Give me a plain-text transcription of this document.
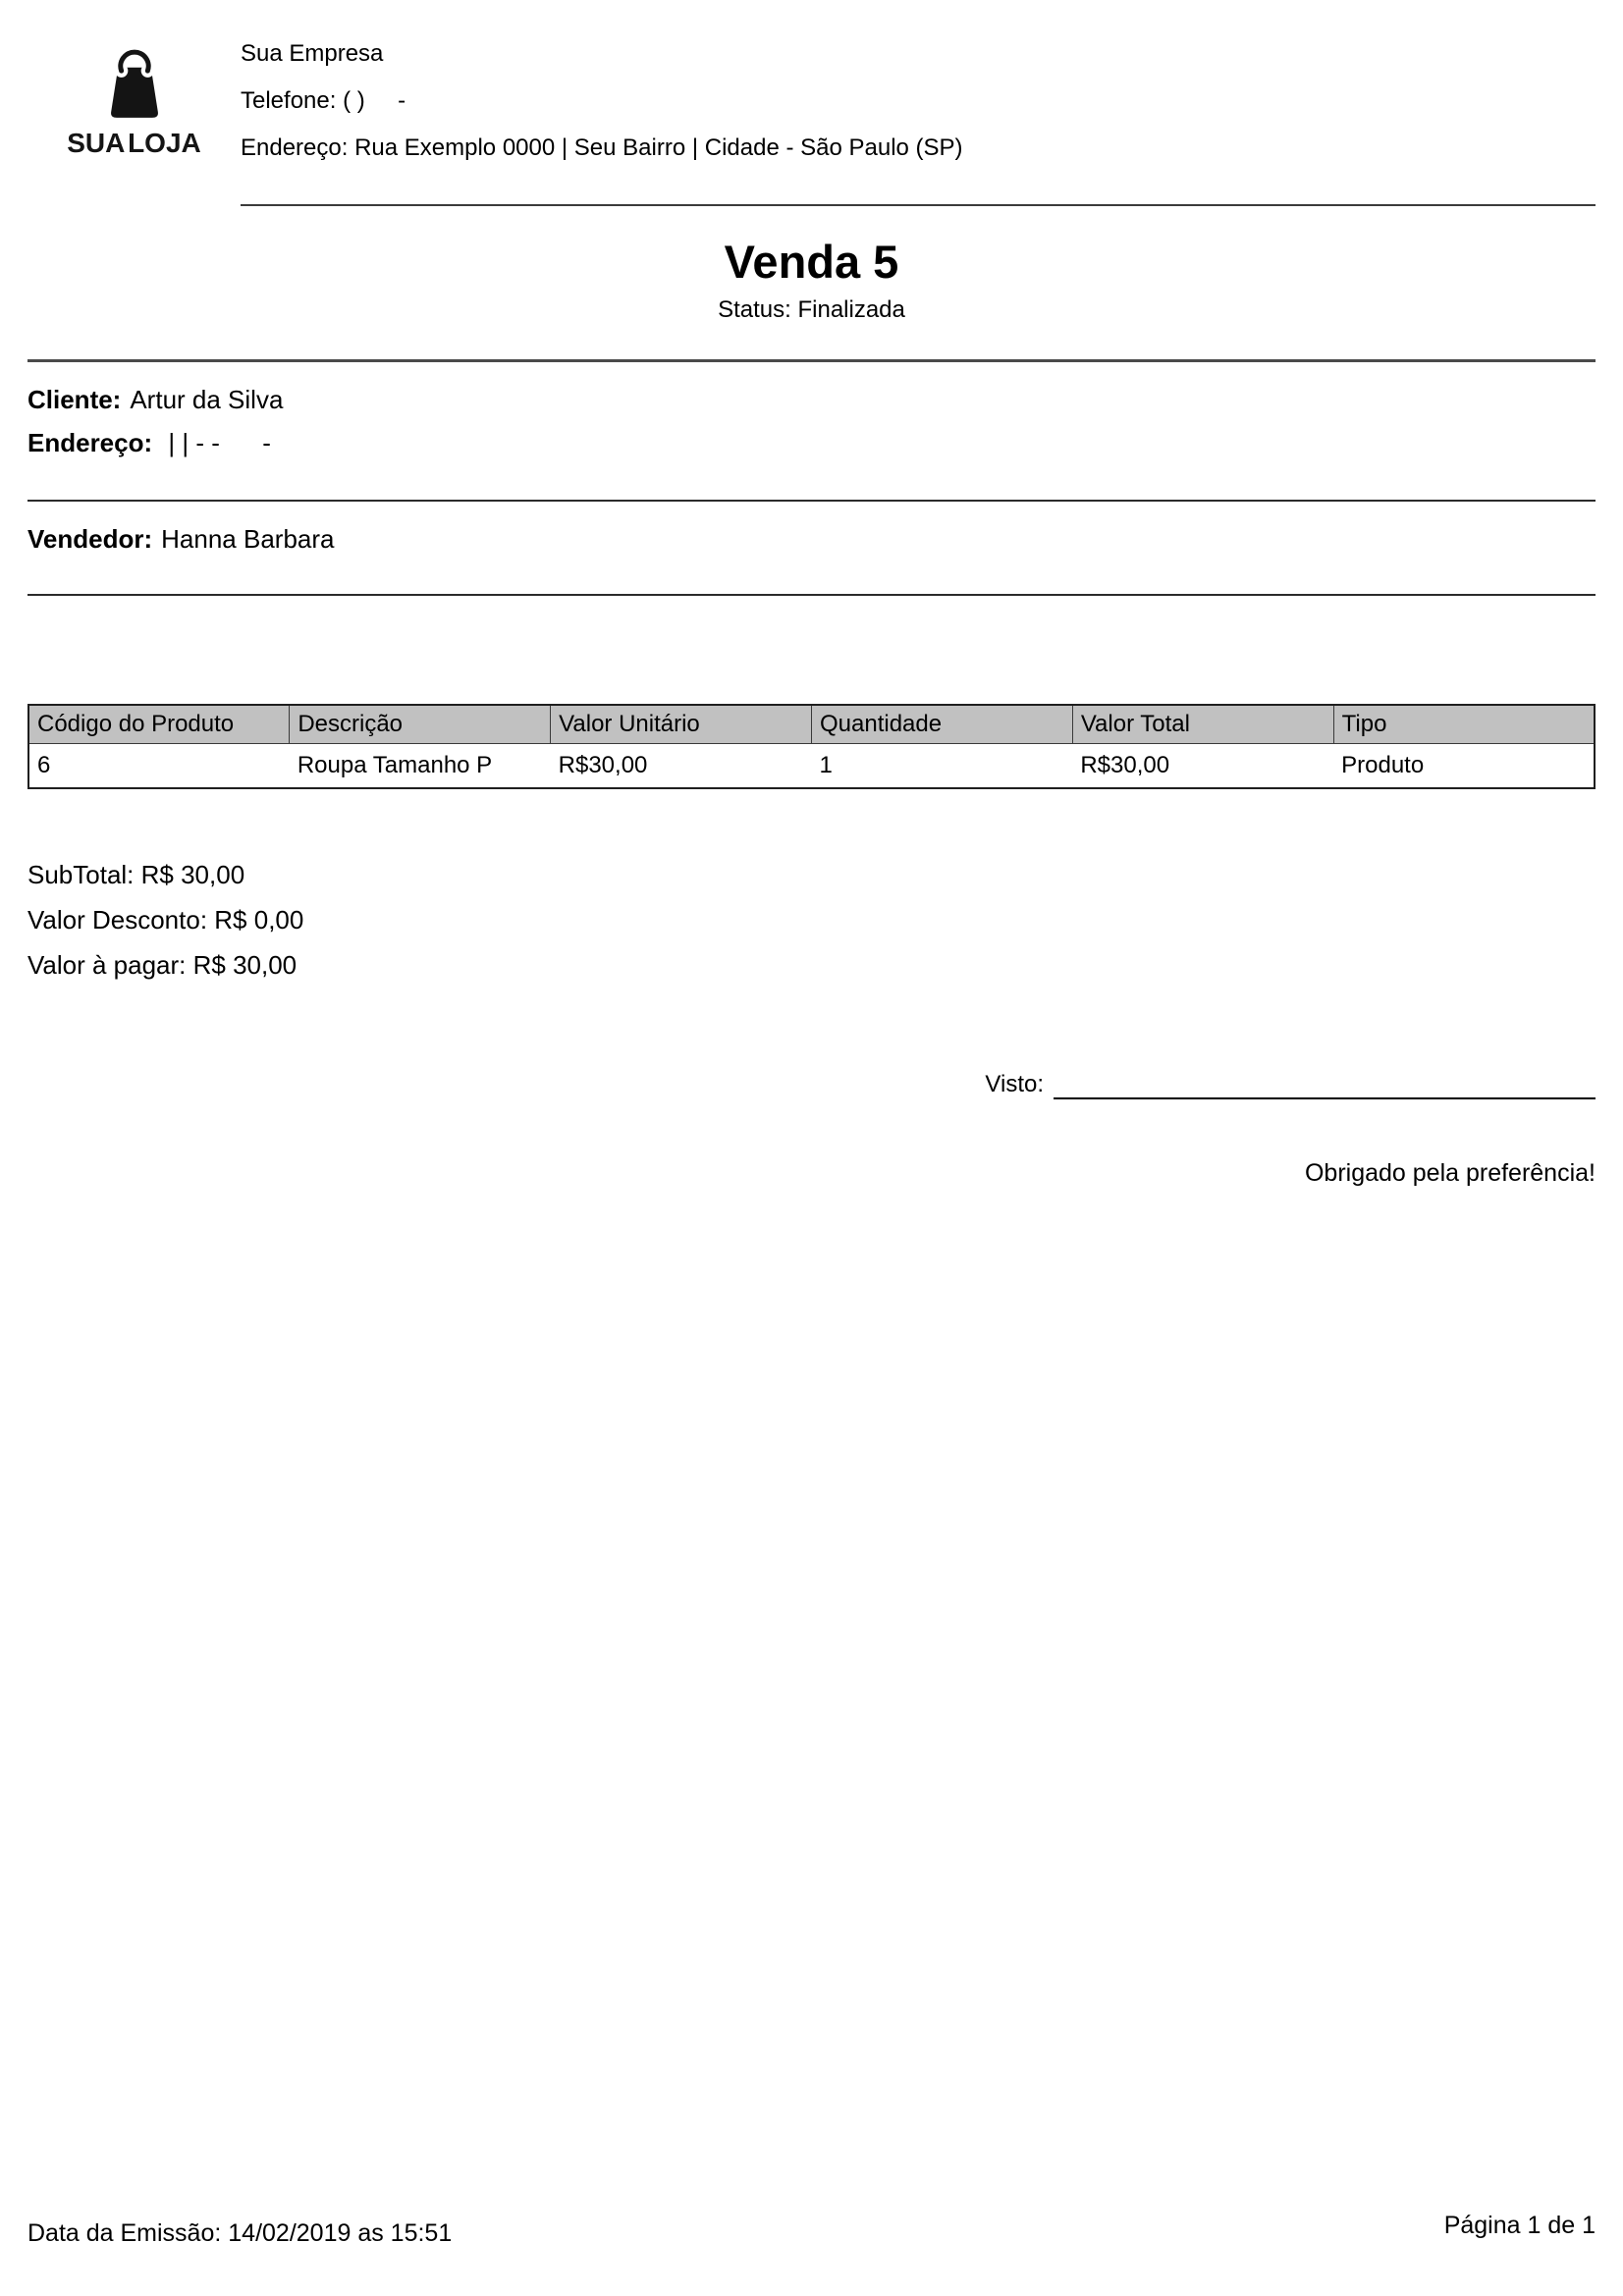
SUA LOJA
Sua Empresa
Telefone: ( )     -
Endereço: Rua Exemplo 0000 | Seu Bairro | Cidade - São Paulo (SP)
Venda 5
Status: Finalizada

Cliente: Artur da Silva

Endereço: | | - -      -

Vendedor: Hanna Barbara

Código do Produto	Descrição	Valor Unitário	Quantidade	Valor Total	Tipo
6	Roupa Tamanho P	R$30,00	1	R$30,00	Produto
SubTotal: R$ 30,00
Valor Desconto: R$ 0,00
Valor à pagar: R$ 30,00
Visto:
Obrigado pela preferência!
Data da Emissão: 14/02/2019 as 15:51	Página 1 de 1
